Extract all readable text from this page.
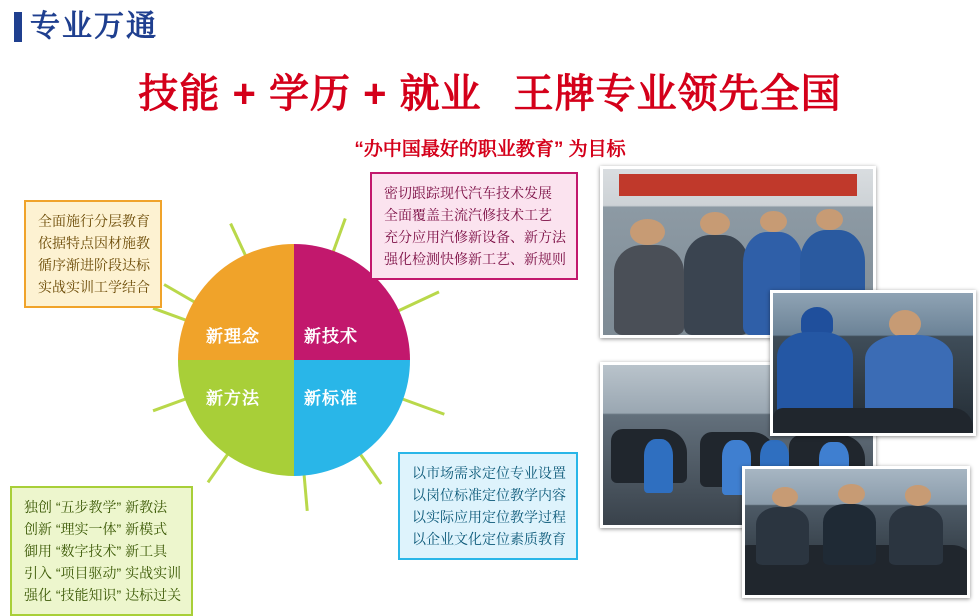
专业万通
技能 + 学历 + 就业 王牌专业领先全国
“办中国最好的职业教育” 为目标
新理念	新技术
新方法	新标准
全面施行分层教育
依据特点因材施教
循序渐进阶段达标
实战实训工学结合
密切跟踪现代汽车技术发展
全面覆盖主流汽修技术工艺
充分应用汽修新设备、新方法
强化检测快修新工艺、新规则
以市场需求定位专业设置
以岗位标准定位教学内容
以实际应用定位教学过程
以企业文化定位素质教育
独创 “五步教学” 新教法
创新 “理实一体” 新模式
御用 “数字技术” 新工具
引入 “项目驱动” 实战实训
强化 “技能知识” 达标过关
